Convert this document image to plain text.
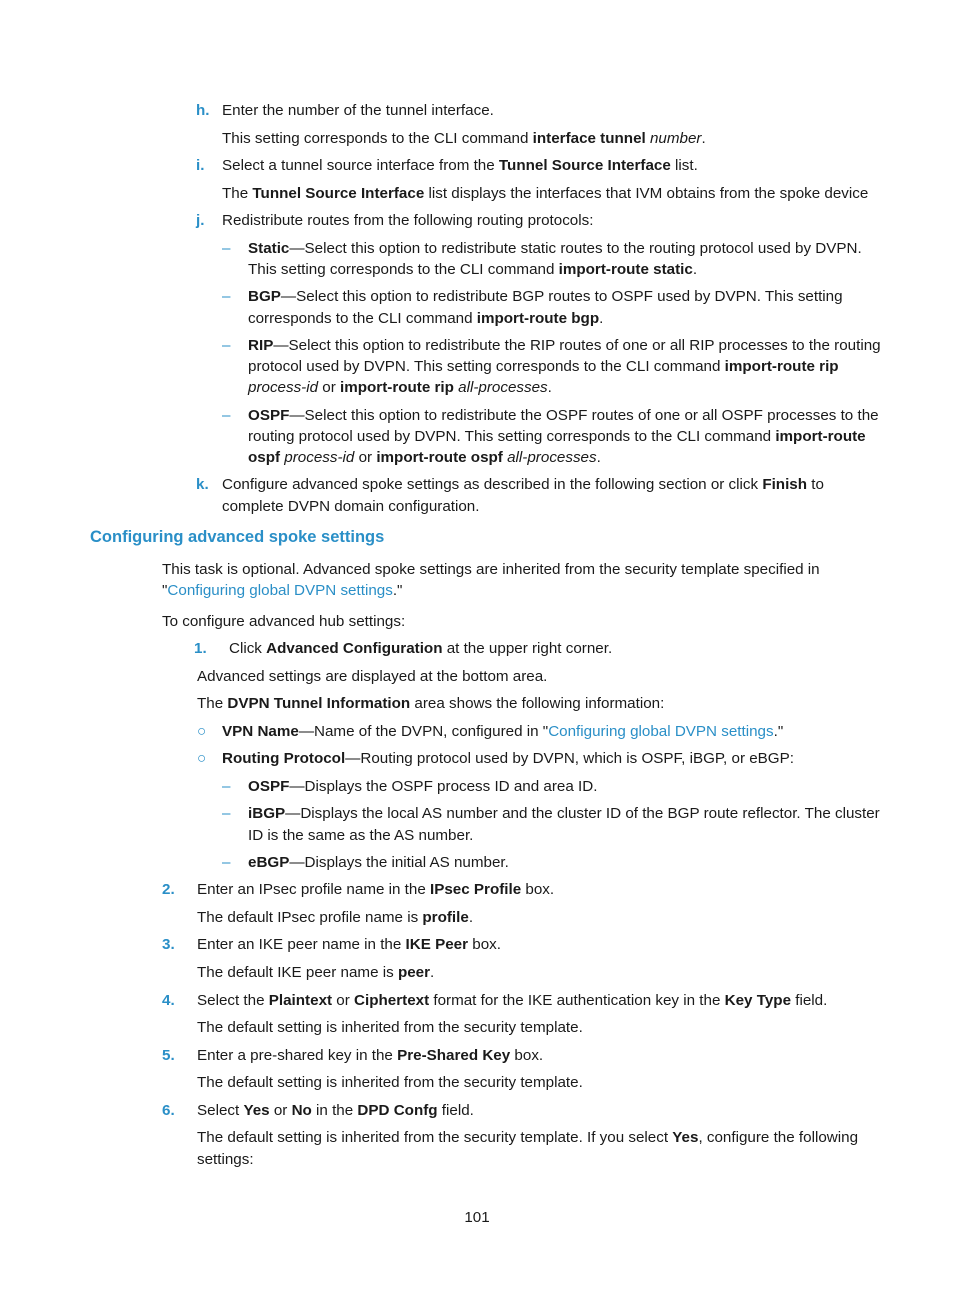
h. Enter the number of the tunnel interface.

This setting corresponds to the CLI command interface tunnel number.

i. Select a tunnel source interface from the Tunnel Source Interface list.

The Tunnel Source Interface list displays the interfaces that IVM obtains from the spoke device

j. Redistribute routes from the following routing protocols:

– Static—Select this option to redistribute static routes to the routing protocol used by DVPN.

This setting corresponds to the CLI command import-route static.

– BGP—Select this option to redistribute BGP routes to OSPF used by DVPN. This setting

corresponds to the CLI command import-route bgp.

– RIP—Select this option to redistribute the RIP routes of one or all RIP processes to the routing

protocol used by DVPN. This setting corresponds to the CLI command import-route rip

process-id or import-route rip all-processes.

– OSPF—Select this option to redistribute the OSPF routes of one or all OSPF processes to the

routing protocol used by DVPN. This setting corresponds to the CLI command import-route

ospf process-id or import-route ospf all-processes.

k. Configure advanced spoke settings as described in the following section or click Finish to

complete DVPN domain configuration.

Configuring advanced spoke settings

This task is optional. Advanced spoke settings are inherited from the security template specified in

"Configuring global DVPN settings."

To configure advanced hub settings:

1. Click Advanced Configuration at the upper right corner.

Advanced settings are displayed at the bottom area.

The DVPN Tunnel Information area shows the following information:

○ VPN Name—Name of the DVPN, configured in "Configuring global DVPN settings."

○ Routing Protocol—Routing protocol used by DVPN, which is OSPF, iBGP, or eBGP:

– OSPF—Displays the OSPF process ID and area ID.

– iBGP—Displays the local AS number and the cluster ID of the BGP route reflector. The cluster

ID is the same as the AS number.

– eBGP—Displays the initial AS number.

2. Enter an IPsec profile name in the IPsec Profile box.

The default IPsec profile name is profile.

3. Enter an IKE peer name in the IKE Peer box.

The default IKE peer name is peer.

4. Select the Plaintext or Ciphertext format for the IKE authentication key in the Key Type field.

The default setting is inherited from the security template.

5. Enter a pre-shared key in the Pre-Shared Key box.

The default setting is inherited from the security template.

6. Select Yes or No in the DPD Confg field.

The default setting is inherited from the security template. If you select Yes, configure the following

settings:

101
